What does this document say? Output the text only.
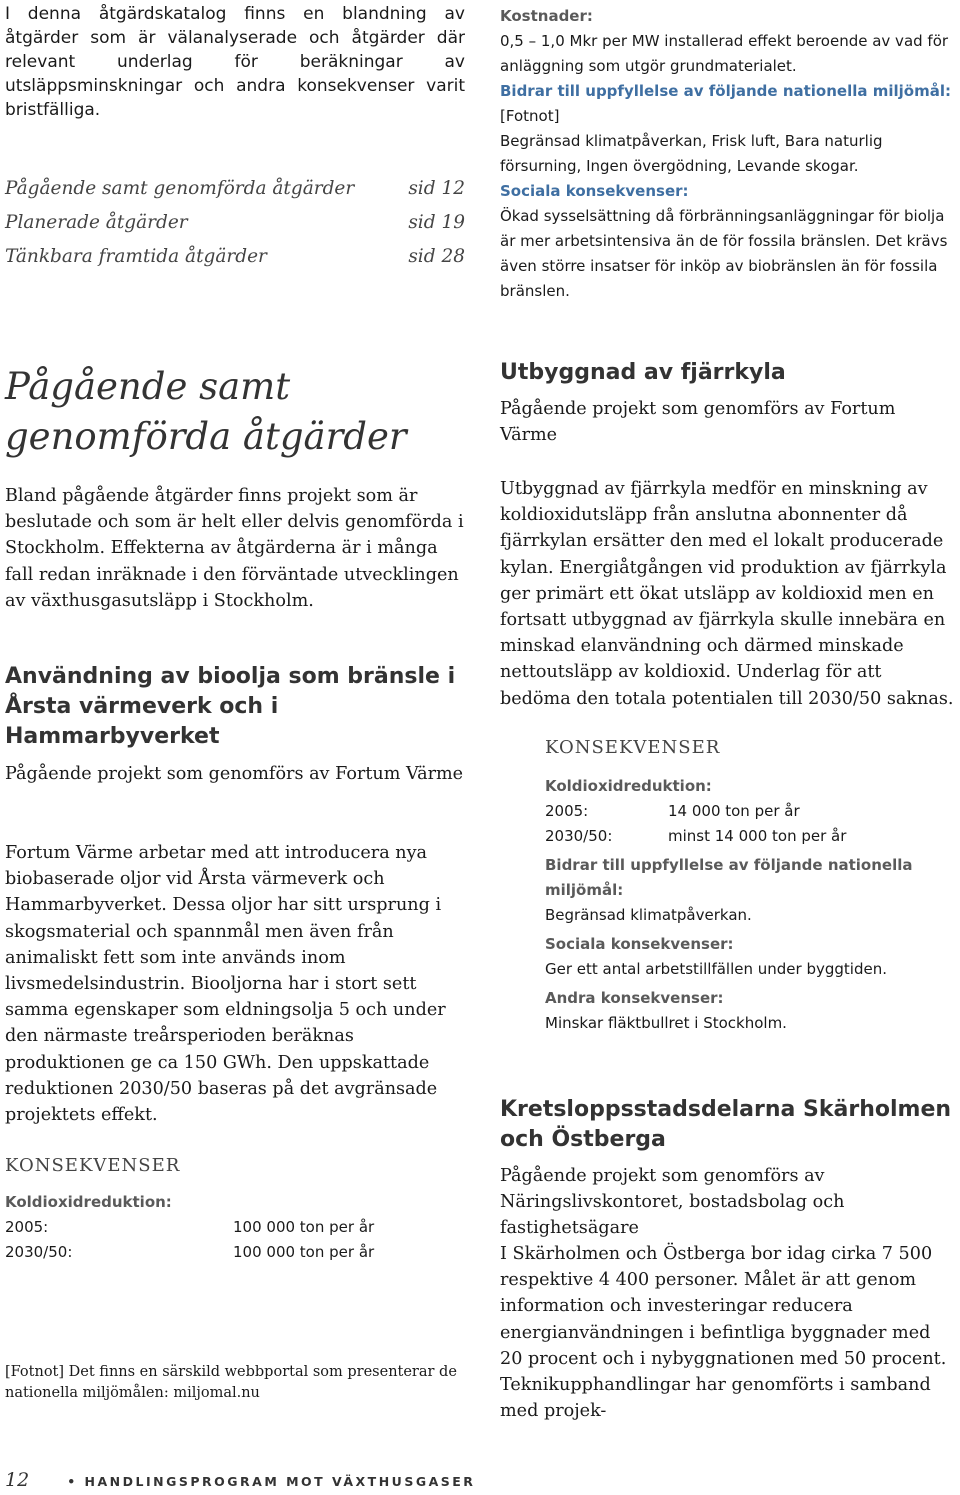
I denna åtgärdskatalog finns en blandning av åtgärder som är välanalyserade och åtgärder där relevant underlag för beräkningar av utsläppsminskningar och andra konsekvenser varit bristfälliga.

Pågående samt genomförda åtgärder	sid 12
Planerade åtgärder	sid 19
Tänkbara framtida åtgärder	sid 28
Pågående samt genomförda åtgärder

Bland pågående åtgärder finns projekt som är beslutade och som är helt eller delvis genomförda i Stockholm. Effekterna av åtgärderna är i många fall redan inräknade i den förväntade utvecklingen av växthusgasutsläpp i Stockholm.

Användning av bioolja som bränsle i Årsta värmeverk och i Hammarbyverket

Pågående projekt som genomförs av Fortum Värme

Fortum Värme arbetar med att introducera nya biobaserade oljor vid Årsta värmeverk och Hammarbyverket. Dessa oljor har sitt ursprung i skogsmaterial och spannmål men även från animaliskt fett som inte används inom livsmedelsindustrin. Biooljorna har i stort sett samma egenskaper som eldningsolja 5 och under den närmaste treårsperioden beräknas produktionen ge ca 150 GWh. Den uppskattade reduktionen 2030/50 baseras på det avgränsade projektets effekt.

KONSEKVENSER
Koldioxidreduktion:
2005:	100 000 ton per år
2030/50:	100 000 ton per år

[Fotnot] Det finns en särskild webbportal som presenterar de nationella miljömålen: miljomal.nu

Kostnader:
0,5 – 1,0 Mkr per MW installerad effekt beroende av vad för anläggning som utgör grundmaterialet.
Bidrar till uppfyllelse av följande nationella miljömål: [Fotnot]
Begränsad klimatpåverkan, Frisk luft, Bara naturlig försurning, Ingen övergödning, Levande skogar.
Sociala konsekvenser:
Ökad sysselsättning då förbränningsanläggningar för biolja är mer arbetsintensiva än de för fossila bränslen. Det krävs även större insatser för inköp av biobränslen än för fossila bränslen.
Utbyggnad av fjärrkyla

Pågående projekt som genomförs av Fortum Värme

Utbyggnad av fjärrkyla medför en minskning av koldioxidutsläpp från anslutna abonnenter då fjärrkylan ersätter den med el lokalt producerade kylan. Energiåtgången vid produktion av fjärrkyla ger primärt ett ökat utsläpp av koldioxid men en fortsatt utbyggnad av fjärrkyla skulle innebära en minskad elanvändning och därmed minskade nettoutsläpp av koldioxid. Underlag för att bedöma den totala potentialen till 2030/50 saknas.

KONSEKVENSER
Koldioxidreduktion:
2005:	14 000 ton per år
2030/50:	minst 14 000 ton per år
Bidrar till uppfyllelse av följande nationella miljömål:
Begränsad klimatpåverkan.
Sociala konsekvenser:
Ger ett antal arbetstillfällen under byggtiden.
Andra konsekvenser:
Minskar fläktbullret i Stockholm.
Kretsloppsstadsdelarna Skärholmen och Östberga

Pågående projekt som genomförs av Näringslivskontoret, bostadsbolag och fastighetsägare

I Skärholmen och Östberga bor idag cirka 7 500 respektive 4 400 personer. Målet är att genom information och investeringar reducera energianvändningen i befintliga byggnader med 20 procent och i nybyggnationen med 50 procent. Teknikupphandlingar har genomförts i samband med projek-

12	• HANDLINGSPROGRAM MOT VÄXTHUSGASER
